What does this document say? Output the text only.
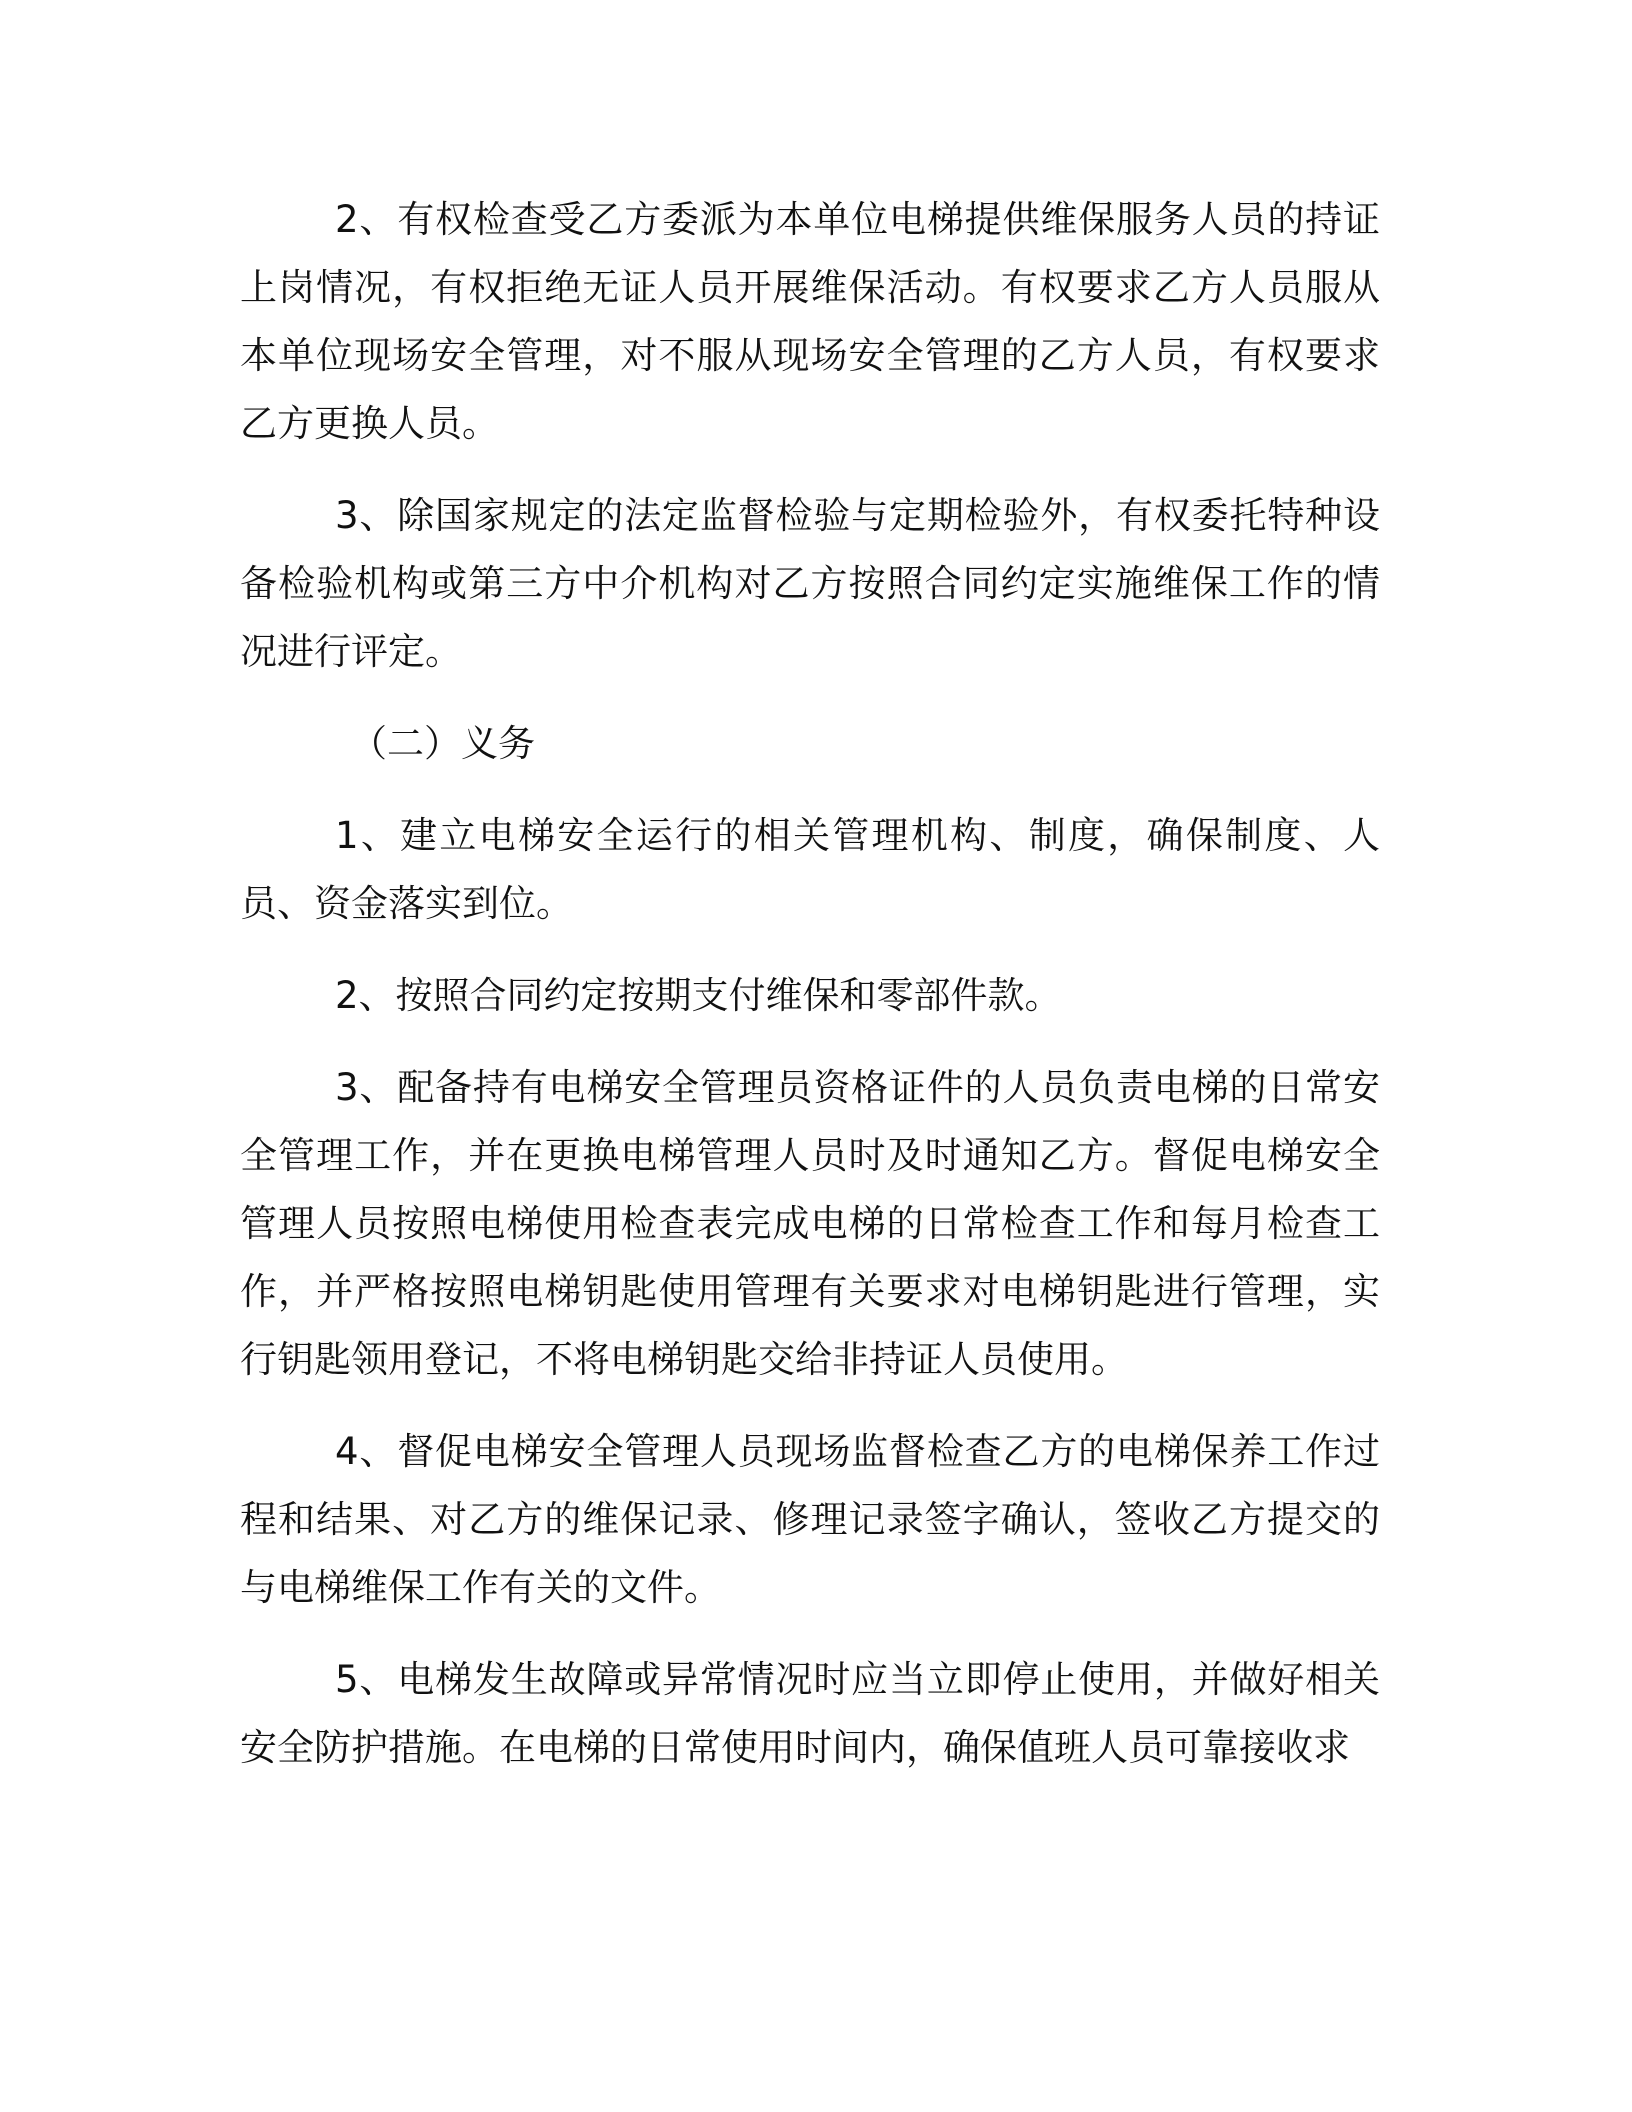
2、有权检查受乙方委派为本单位电梯提供维保服务人员的持证上岗情况，有权拒绝无证人员开展维保活动。有权要求乙方人员服从本单位现场安全管理，对不服从现场安全管理的乙方人员，有权要求乙方更换人员。

3、除国家规定的法定监督检验与定期检验外，有权委托特种设备检验机构或第三方中介机构对乙方按照合同约定实施维保工作的情况进行评定。

（二）义务

1、建立电梯安全运行的相关管理机构、制度，确保制度、人员、资金落实到位。

2、按照合同约定按期支付维保和零部件款。

3、配备持有电梯安全管理员资格证件的人员负责电梯的日常安全管理工作，并在更换电梯管理人员时及时通知乙方。督促电梯安全管理人员按照电梯使用检查表完成电梯的日常检查工作和每月检查工作，并严格按照电梯钥匙使用管理有关要求对电梯钥匙进行管理，实行钥匙领用登记，不将电梯钥匙交给非持证人员使用。

4、督促电梯安全管理人员现场监督检查乙方的电梯保养工作过程和结果、对乙方的维保记录、修理记录签字确认，签收乙方提交的与电梯维保工作有关的文件。

5、电梯发生故障或异常情况时应当立即停止使用，并做好相关安全防护措施。在电梯的日常使用时间内，确保值班人员可靠接收求
